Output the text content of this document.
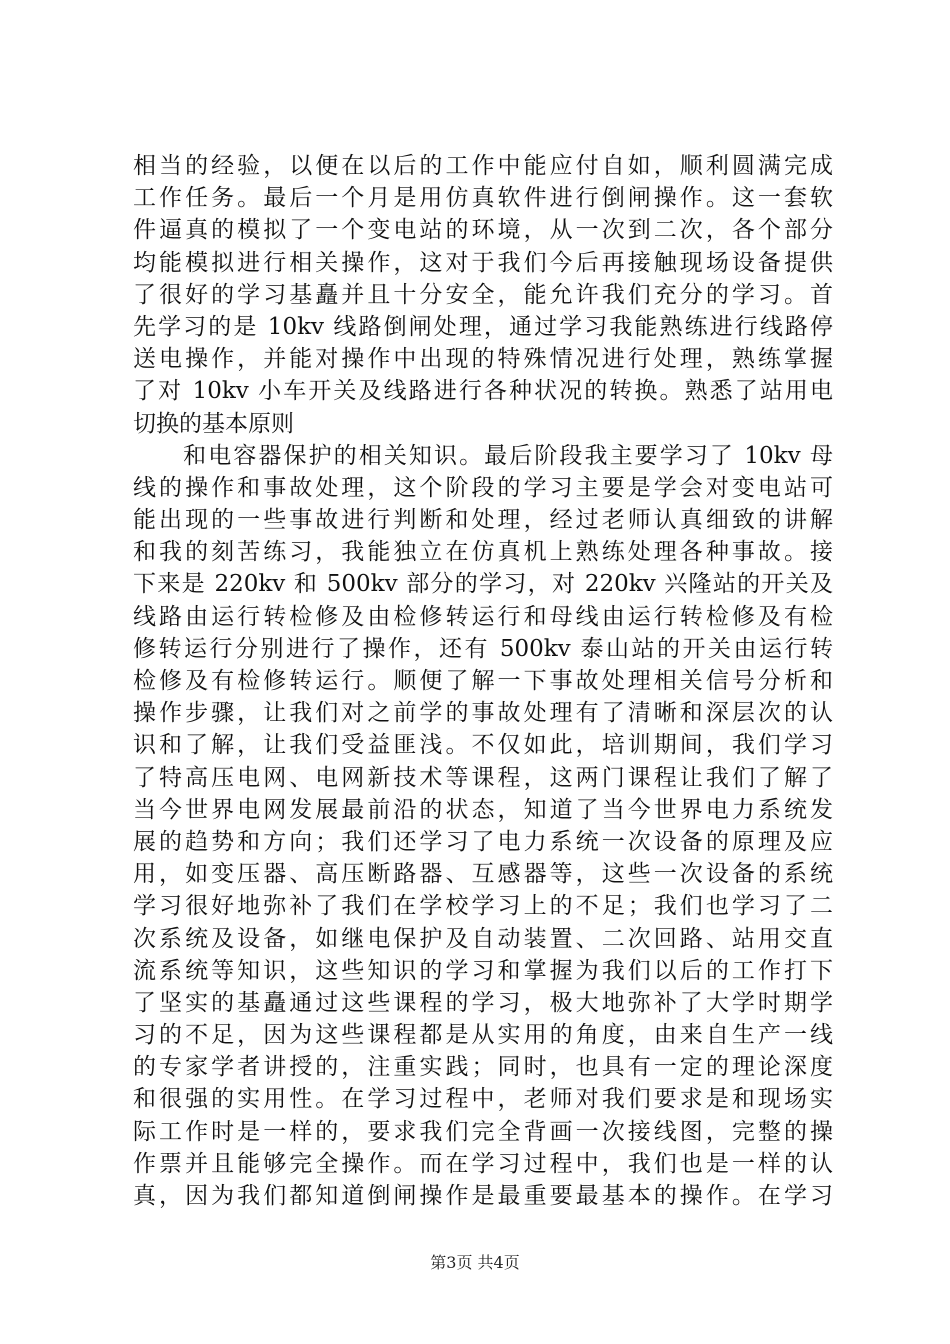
相当的经验，以便在以后的工作中能应付自如，顺利圆满完成
工作任务。最后一个月是用仿真软件进行倒闸操作。这一套软
件逼真的模拟了一个变电站的环境，从一次到二次，各个部分
均能模拟进行相关操作，这对于我们今后再接触现场设备提供
了很好的学习基矗并且十分安全，能允许我们充分的学习。首
先学习的是 10kv 线路倒闸处理，通过学习我能熟练进行线路停
送电操作，并能对操作中出现的特殊情况进行处理，熟练掌握
了对 10kv 小车开关及线路进行各种状况的转换。熟悉了站用电
切换的基本原则
　　和电容器保护的相关知识。最后阶段我主要学习了 10kv 母
线的操作和事故处理，这个阶段的学习主要是学会对变电站可
能出现的一些事故进行判断和处理，经过老师认真细致的讲解
和我的刻苦练习，我能独立在仿真机上熟练处理各种事故。接
下来是 220kv 和 500kv 部分的学习，对 220kv 兴隆站的开关及
线路由运行转检修及由检修转运行和母线由运行转检修及有检
修转运行分别进行了操作，还有 500kv 泰山站的开关由运行转
检修及有检修转运行。顺便了解一下事故处理相关信号分析和
操作步骤，让我们对之前学的事故处理有了清晰和深层次的认
识和了解，让我们受益匪浅。不仅如此，培训期间，我们学习
了特高压电网、电网新技术等课程，这两门课程让我们了解了
当今世界电网发展最前沿的状态，知道了当今世界电力系统发
展的趋势和方向；我们还学习了电力系统一次设备的原理及应
用，如变压器、高压断路器、互感器等，这些一次设备的系统
学习很好地弥补了我们在学校学习上的不足；我们也学习了二
次系统及设备，如继电保护及自动装置、二次回路、站用交直
流系统等知识，这些知识的学习和掌握为我们以后的工作打下
了坚实的基矗通过这些课程的学习，极大地弥补了大学时期学
习的不足，因为这些课程都是从实用的角度，由来自生产一线
的专家学者讲授的，注重实践；同时，也具有一定的理论深度
和很强的实用性。在学习过程中，老师对我们要求是和现场实
际工作时是一样的，要求我们完全背画一次接线图，完整的操
作票并且能够完全操作。而在学习过程中，我们也是一样的认
真，因为我们都知道倒闸操作是最重要最基本的操作。在学习
第3页 共4页
